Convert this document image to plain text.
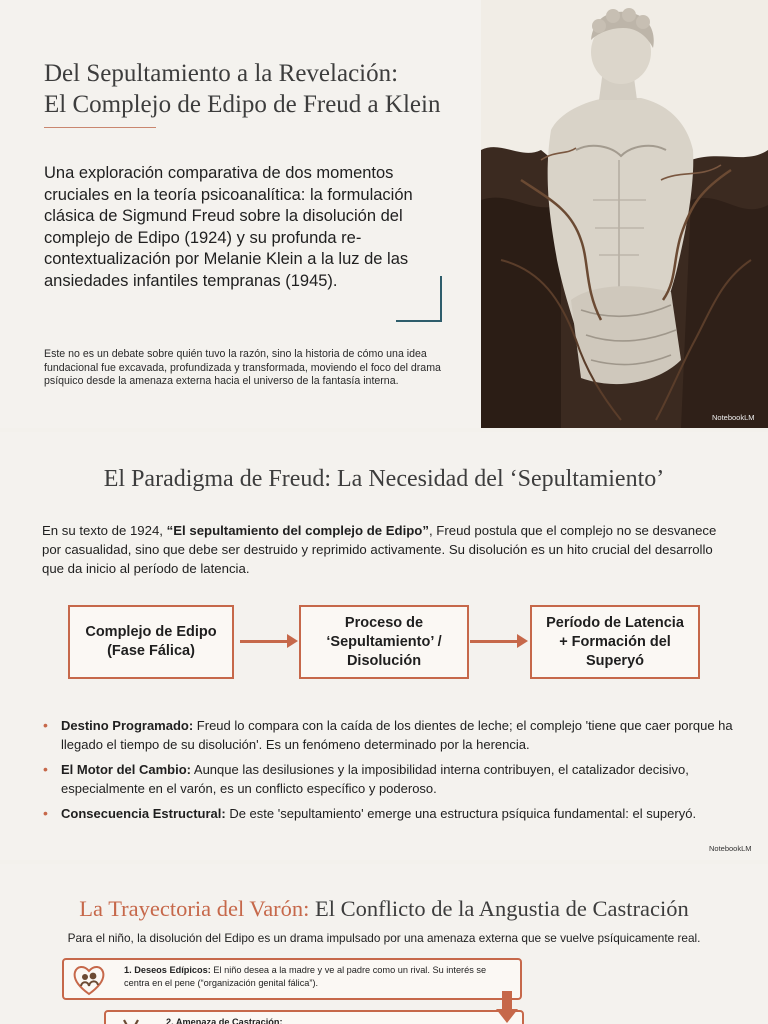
Del Sepultamiento a la Revelación:
El Complejo de Edipo de Freud a Klein
Una exploración comparativa de dos momentos cruciales en la teoría psicoanalítica: la formulación clásica de Sigmund Freud sobre la disolución del complejo de Edipo (1924) y su profunda re-contextualización por Melanie Klein a la luz de las ansiedades infantiles tempranas (1945).
Este no es un debate sobre quién tuvo la razón, sino la historia de cómo una idea fundacional fue excavada, profundizada y transformada, moviendo el foco del drama psíquico desde la amenaza externa hacia el universo de la fantasía interna.
NotebookLM
El Paradigma de Freud: La Necesidad del ‘Sepultamiento’
En su texto de 1924, “El sepultamiento del complejo de Edipo”, Freud postula que el complejo no se desvanece por casualidad, sino que debe ser destruido y reprimido activamente. Su disolución es un hito crucial del desarrollo que da inicio al período de latencia.
Complejo de Edipo
(Fase Fálica)
Proceso de
‘Sepultamiento’ /
Disolución
Período de Latencia
+ Formación del
Superyó
• Destino Programado: Freud lo compara con la caída de los dientes de leche; el complejo 'tiene que caer porque ha llegado el tiempo de su disolución'. Es un fenómeno determinado por la herencia.
• El Motor del Cambio: Aunque las desilusiones y la imposibilidad interna contribuyen, el catalizador decisivo, especialmente en el varón, es un conflicto específico y poderoso.
• Consecuencia Estructural: De este 'sepultamiento' emerge una estructura psíquica fundamental: el superyó.
NotebookLM
La Trayectoria del Varón: El Conflicto de la Angustia de Castración
Para el niño, la disolución del Edipo es un drama impulsado por una amenaza externa que se vuelve psíquicamente real.
1. Deseos Edípicos: El niño desea a la madre y ve al padre como un rival. Su interés se centra en el pene (“organización genital fálica”).
2. Amenaza de Castración:
